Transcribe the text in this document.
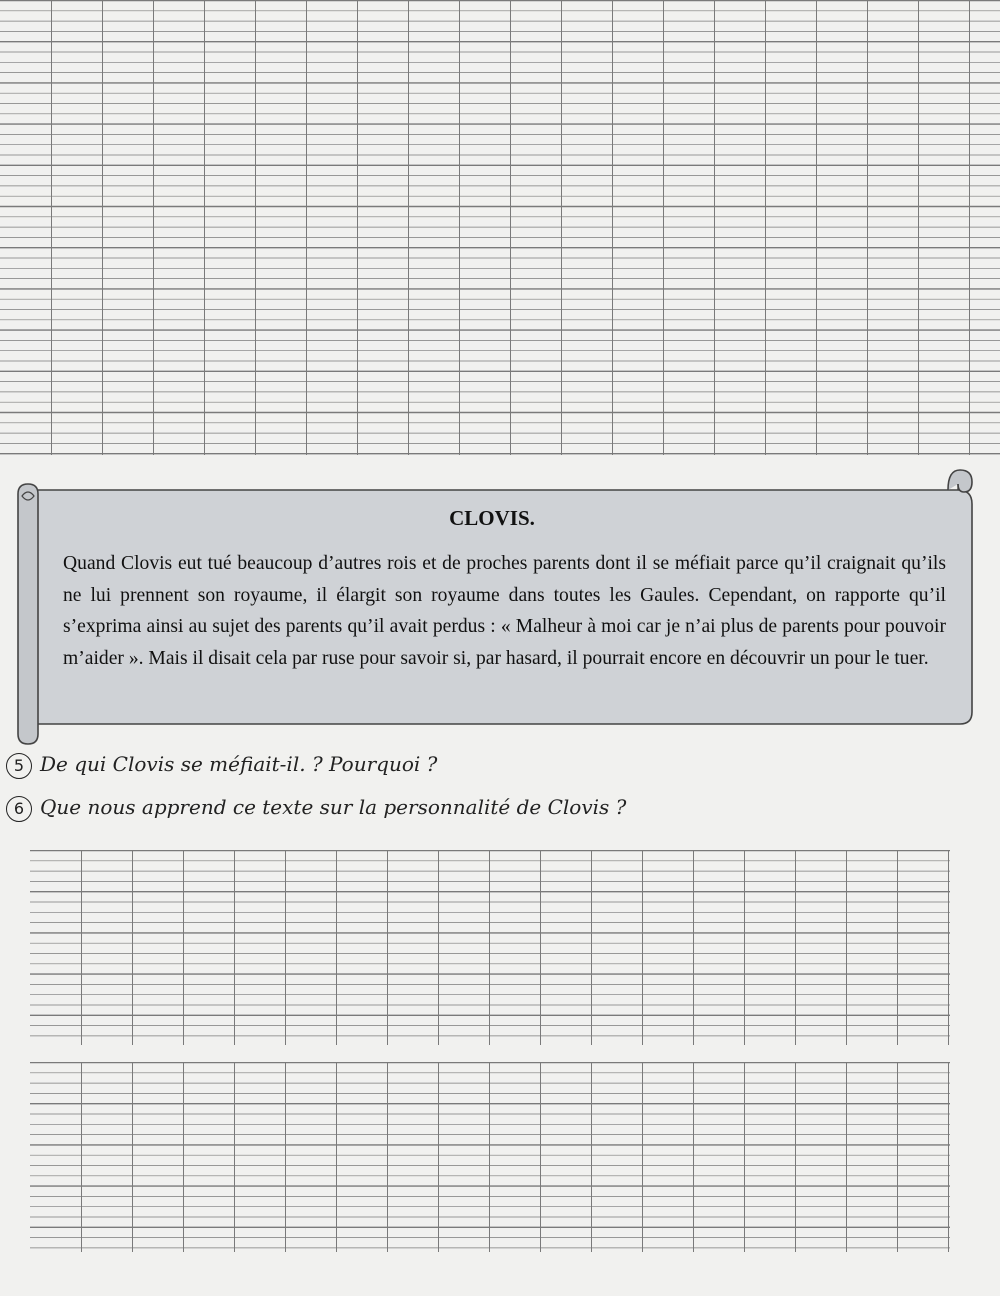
CLOVIS.
Quand Clovis eut tué beaucoup d’autres rois et de proches parents dont il se méfiait parce qu’il craignait qu’ils ne lui prennent son royaume, il élargit son royaume dans toutes les Gaules. Cependant, on rapporte qu’il s’exprima ainsi au sujet des parents qu’il avait perdus : « Malheur à moi car je n’ai plus de parents pour pouvoir m’aider ». Mais il disait cela par ruse pour savoir si, par hasard, il pourrait encore en découvrir un pour le tuer.
5 De qui Clovis se méfiait-il. ? Pourquoi ?
6 Que nous apprend ce texte sur la personnalité de Clovis ?
